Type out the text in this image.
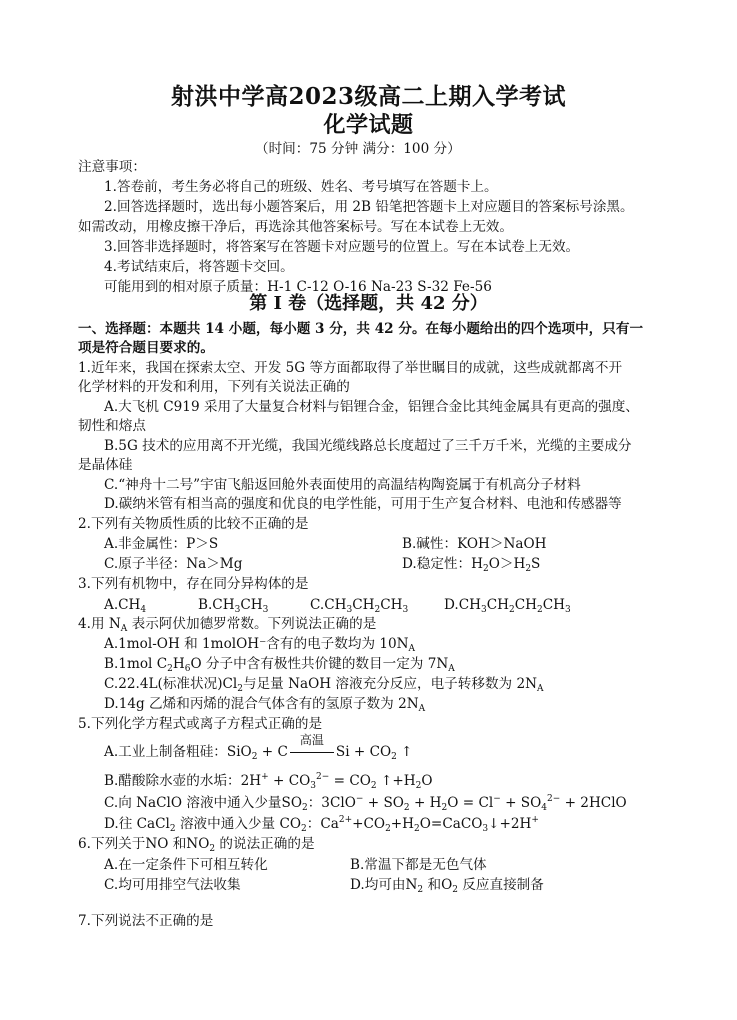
射洪中学高2023级高二上期入学考试
化学试题
（时间：75 分钟 满分：100 分）
注意事项：
1.答卷前，考生务必将自己的班级、姓名、考号填写在答题卡上。
2.回答选择题时，选出每小题答案后，用 2B 铅笔把答题卡上对应题目的答案标号涂黑。
如需改动，用橡皮擦干净后，再选涂其他答案标号。写在本试卷上无效。
3.回答非选择题时，将答案写在答题卡对应题号的位置上。写在本试卷上无效。
4.考试结束后，将答题卡交回。
可能用到的相对原子质量：H-1 C-12 O-16 Na-23 S-32 Fe-56
第 I 卷（选择题，共 42 分）
一、选择题：本题共 14 小题，每小题 3 分，共 42 分。在每小题给出的四个选项中，只有一
项是符合题目要求的。
1.近年来，我国在探索太空、开发 5G 等方面都取得了举世瞩目的成就，这些成就都离不开
化学材料的开发和利用，下列有关说法正确的
A.大飞机 C919 采用了大量复合材料与铝锂合金，铝锂合金比其纯金属具有更高的强度、
韧性和熔点
B.5G 技术的应用离不开光缆，我国光缆线路总长度超过了三千万千米，光缆的主要成分
是晶体硅
C.“神舟十二号”宇宙飞船返回舱外表面使用的高温结构陶瓷属于有机高分子材料
D.碳纳米管有相当高的强度和优良的电学性能，可用于生产复合材料、电池和传感器等
2.下列有关物质性质的比较不正确的是
A.非金属性：P＞S	B.碱性：KOH＞NaOH
C.原子半径：Na＞Mg	D.稳定性：$H_2O>H_2S$
3.下列有机物中，存在同分异构体的是
$A.CH_4$	$B.CH_3CH_3$	$C.CH_3CH_2CH_3$	$D.CH_3CH_2CH_2CH_3$
4.用 $N_A$ 表示阿伏加德罗常数。下列说法正确的是
A.1mol-OH 和 1molOH⁻含有的电子数均为 $10N_A$
B.1mol $C_2H_6O$ 分子中含有极性共价键的数目一定为 $7N_A$
C.22.4L(标准状况)$Cl_2$与足量 NaOH 溶液充分反应，电子转移数为 $2N_A$
D.14g 乙烯和丙烯的混合气体含有的氢原子数为 $2N_A$
5.下列化学方程式或离子方程式正确的是
A.工业上制备粗硅：SiO$_2$ + C
高温
$Si + CO_2$ ↑
B.醋酸除水壶的水垢：$2H^+ + CO_3^{2-} = CO_2$ $↑+H_2O$
C.向 NaClO 溶液中通入少量$SO_2$：$3ClO^- + SO_2 + H_2O = Cl^- + SO_4^{2-}$ + 2HClO
D.往 CaCl$_2$ 溶液中通入少量 $CO_2$：$Ca^{2+}+CO_2+H_2O=CaCO_3↓+2H^+$
6.下列关于NO 和$NO_2$ 的说法正确的是
A.在一定条件下可相互转化	B.常温下都是无色气体
C.均可用排空气法收集	D.均可由$N_2$ 和$O_2$ 反应直接制备
7.下列说法不正确的是
